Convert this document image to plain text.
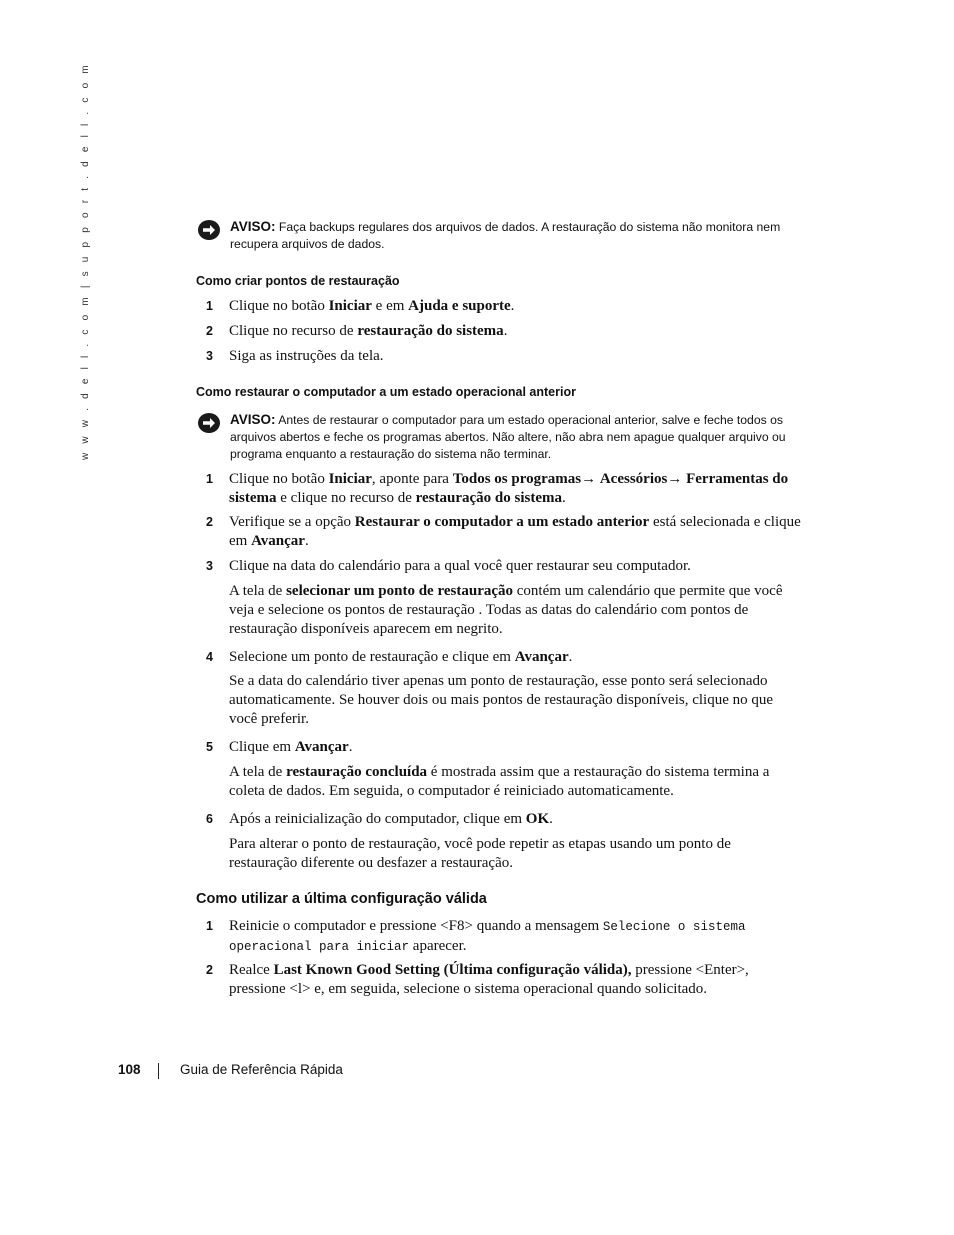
w w w . d e l l . c o m | s u p p o r t . d e l l . c o m	AVISO: Faça backups regulares dos arquivos de dados. A restauração do sistema não monitora nem
recupera arquivos de dados.
Como criar pontos de restauração
1 Clique no botão Iniciar e em Ajuda e suporte.
2 Clique no recurso de restauração do sistema.
3 Siga as instruções da tela.
Como restaurar o computador a um estado operacional anterior
AVISO: Antes de restaurar o computador para um estado operacional anterior, salve e feche todos os
arquivos abertos e feche os programas abertos. Não altere, não abra nem apague qualquer arquivo ou
programa enquanto a restauração do sistema não terminar.
1 Clique no botão Iniciar, aponte para Todos os programas→ Acessórios→ Ferramentas do
sistema e clique no recurso de restauração do sistema.
2 Verifique se a opção Restaurar o computador a um estado anterior está selecionada e clique
em Avançar.
3 Clique na data do calendário para a qual você quer restaurar seu computador.
A tela de selecionar um ponto de restauração contém um calendário que permite que você
veja e selecione os pontos de restauração . Todas as datas do calendário com pontos de
restauração disponíveis aparecem em negrito.
4 Selecione um ponto de restauração e clique em Avançar.
Se a data do calendário tiver apenas um ponto de restauração, esse ponto será selecionado
automaticamente. Se houver dois ou mais pontos de restauração disponíveis, clique no que
você preferir.
5 Clique em Avançar.
A tela de restauração concluída é mostrada assim que a restauração do sistema termina a
coleta de dados. Em seguida, o computador é reiniciado automaticamente.
6 Após a reinicialização do computador, clique em OK.
Para alterar o ponto de restauração, você pode repetir as etapas usando um ponto de
restauração diferente ou desfazer a restauração.
Como utilizar a última configuração válida
1 Reinicie o computador e pressione <F8> quando a mensagem Selecione o sistema
operacional para iniciar aparecer.
2 Realce Last Known Good Setting (Última configuração válida), pressione <Enter>,
pressione <l> e, em seguida, selecione o sistema operacional quando solicitado.
108	Guia de Referência Rápida
